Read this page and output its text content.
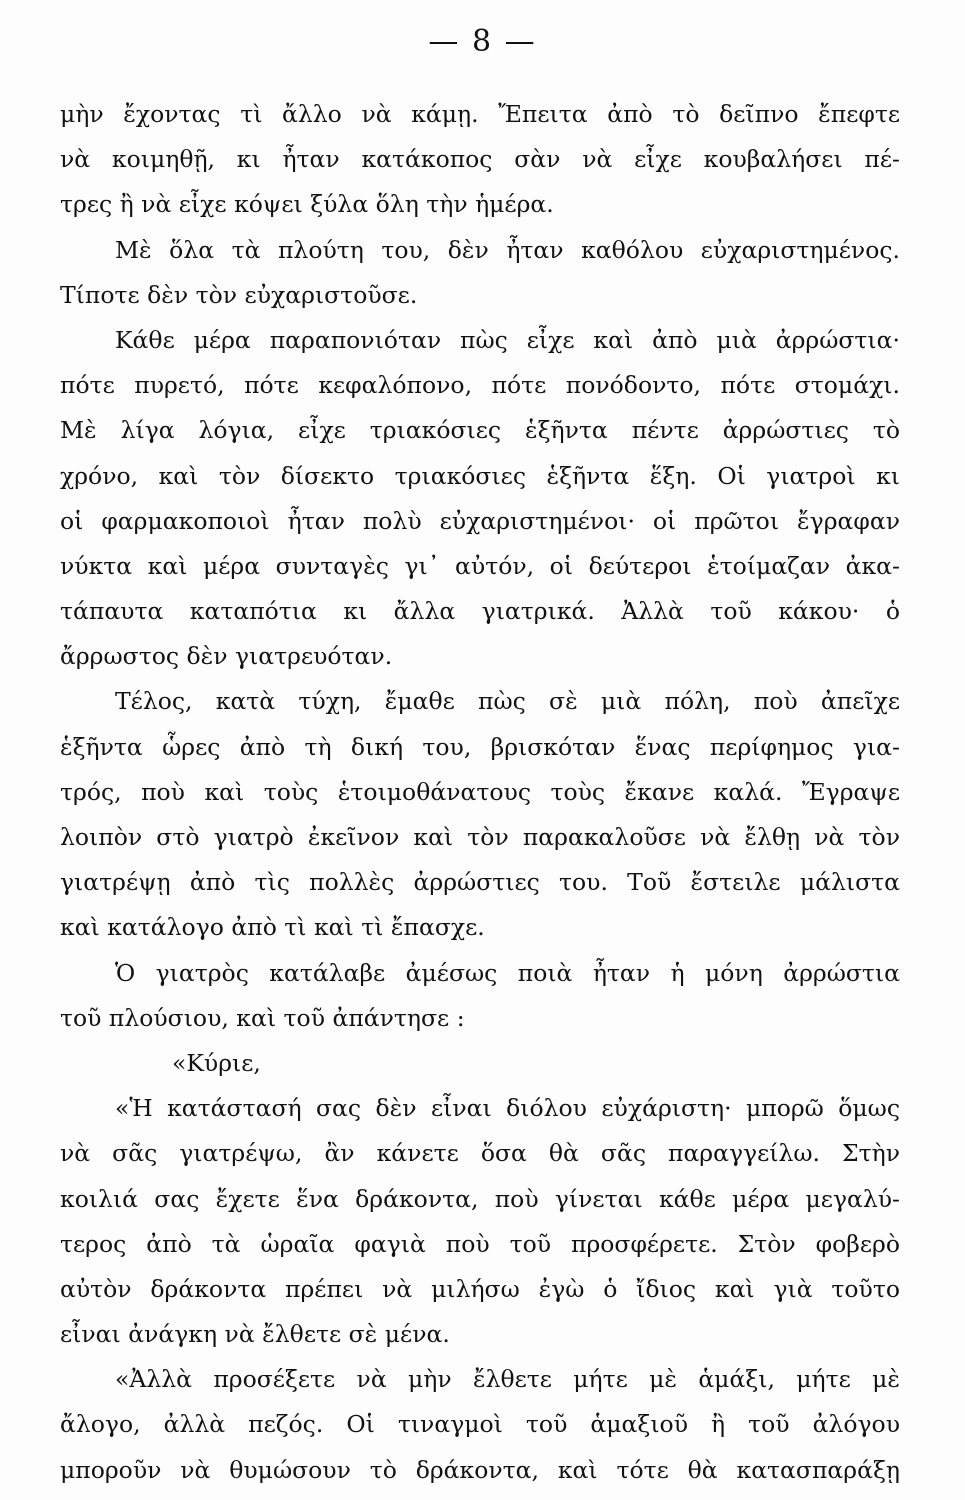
— 8 —
μὴν ἔχοντας τὶ ἄλλο νὰ κάμῃ. Ἔπειτα ἀπὸ τὸ δεῖπνο ἔπεφτε
νὰ κοιμηθῇ, κι ἦταν κατάκοπος σὰν νὰ εἶχε κουβαλήσει πέ-
τρες ἢ νὰ εἶχε κόψει ξύλα ὅλη τὴν ἡμέρα.
Μὲ ὅλα τὰ πλούτη του, δὲν ἦταν καθόλου εὐχαριστημένος.
Τίποτε δὲν τὸν εὐχαριστοῦσε.
Κάθε μέρα παραπονιόταν πὼς εἶχε καὶ ἀπὸ μιὰ ἀρρώστια·
πότε πυρετό, πότε κεφαλόπονο, πότε πονόδοντο, πότε στομάχι.
Μὲ λίγα λόγια, εἶχε τριακόσιες ἑξῆντα πέντε ἀρρώστιες τὸ
χρόνο, καὶ τὸν δίσεκτο τριακόσιες ἑξῆντα ἕξη. Οἱ γιατροὶ κι
οἱ φαρμακοποιοὶ ἦταν πολὺ εὐχαριστημένοι· οἱ πρῶτοι ἔγραφαν
νύκτα καὶ μέρα συνταγὲς γι᾽ αὐτόν, οἱ δεύτεροι ἑτοίμαζαν ἀκα-
τάπαυτα καταπότια κι ἄλλα γιατρικά. Ἀλλὰ τοῦ κάκου· ὁ
ἄρρωστος δὲν γιατρευόταν.
Τέλος, κατὰ τύχη, ἔμαθε πὼς σὲ μιὰ πόλη, ποὺ ἀπεῖχε
ἑξῆντα ὧρες ἀπὸ τὴ δική του, βρισκόταν ἕνας περίφημος για-
τρός, ποὺ καὶ τοὺς ἑτοιμοθάνατους τοὺς ἔκανε καλά. Ἔγραψε
λοιπὸν στὸ γιατρὸ ἐκεῖνον καὶ τὸν παρακαλοῦσε νὰ ἔλθῃ νὰ τὸν
γιατρέψῃ ἀπὸ τὶς πολλὲς ἀρρώστιες του. Τοῦ ἔστειλε μάλιστα
καὶ κατάλογο ἀπὸ τὶ καὶ τὶ ἔπασχε.
Ὁ γιατρὸς κατάλαβε ἀμέσως ποιὰ ἦταν ἡ μόνη ἀρρώστια
τοῦ πλούσιου, καὶ τοῦ ἀπάντησε :
«Κύριε,
«Ἡ κατάστασή σας δὲν εἶναι διόλου εὐχάριστη· μπορῶ ὅμως
νὰ σᾶς γιατρέψω, ἂν κάνετε ὅσα θὰ σᾶς παραγγείλω. Στὴν
κοιλιά σας ἔχετε ἕνα δράκοντα, ποὺ γίνεται κάθε μέρα μεγαλύ-
τερος ἀπὸ τὰ ὡραῖα φαγιὰ ποὺ τοῦ προσφέρετε. Στὸν φοβερὸ
αὐτὸν δράκοντα πρέπει νὰ μιλήσω ἐγὼ ὁ ἴδιος καὶ γιὰ τοῦτο
εἶναι ἀνάγκη νὰ ἔλθετε σὲ μένα.
«Ἀλλὰ προσέξετε νὰ μὴν ἔλθετε μήτε μὲ ἁμάξι, μήτε μὲ
ἄλογο, ἀλλὰ πεζός. Οἱ τιναγμοὶ τοῦ ἁμαξιοῦ ἢ τοῦ ἀλόγου
μποροῦν νὰ θυμώσουν τὸ δράκοντα, καὶ τότε θὰ κατασπαράξῃ
